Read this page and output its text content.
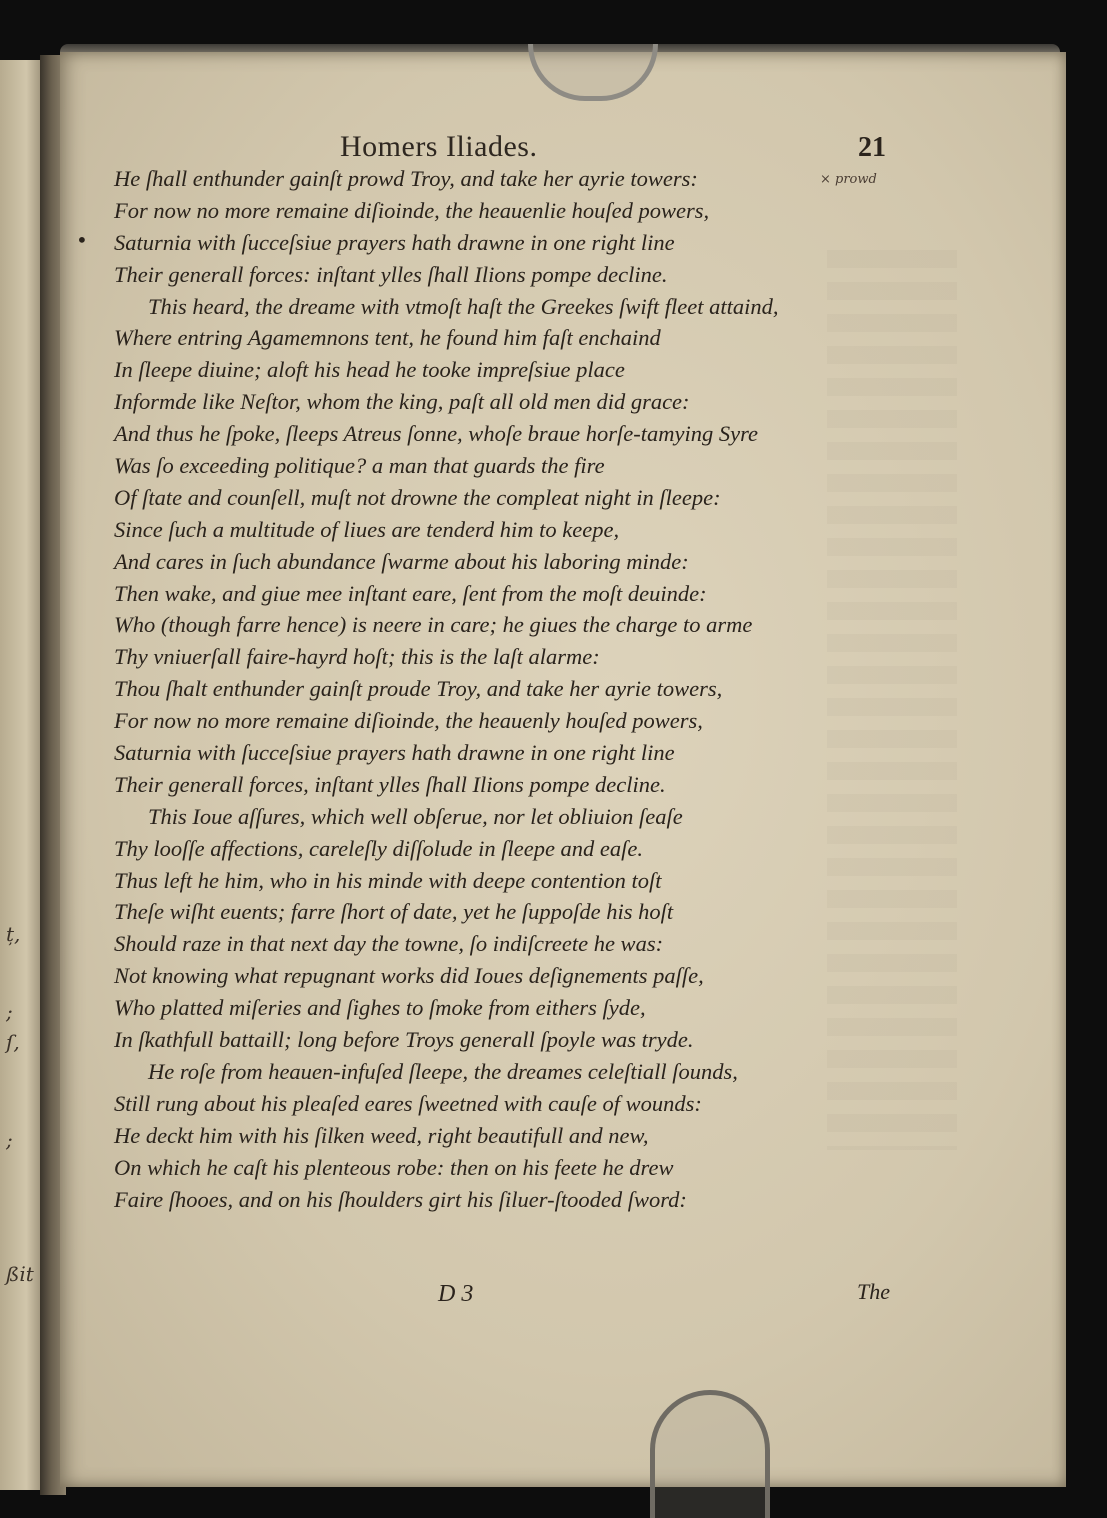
ț,
;
ſ,
;
ßit
Homers Iliades.	21
× prowd
•
He ſhall enthunder gainſt prowd Troy, and take her ayrie towers:
For now no more remaine diſioinde, the heauenlie houſed powers,
Saturnia with ſucceſsiue prayers hath drawne in one right line
Their generall forces: inſtant ylles ſhall Ilions pompe decline.
This heard, the dreame with vtmoſt haſt the Greekes ſwift fleet attaind,
Where entring Agamemnons tent, he found him faſt enchaind
In ſleepe diuine; aloft his head he tooke impreſsiue place
Informde like Neſtor, whom the king, paſt all old men did grace:
And thus he ſpoke, ſleeps Atreus ſonne, whoſe braue horſe-tamying Syre
Was ſo exceeding politique? a man that guards the fire
Of ſtate and counſell, muſt not drowne the compleat night in ſleepe:
Since ſuch a multitude of liues are tenderd him to keepe,
And cares in ſuch abundance ſwarme about his laboring minde:
Then wake, and giue mee inſtant eare, ſent from the moſt deuinde:
Who (though farre hence) is neere in care; he giues the charge to arme
Thy vniuerſall faire-hayrd hoſt; this is the laſt alarme:
Thou ſhalt enthunder gainſt proude Troy, and take her ayrie towers,
For now no more remaine diſioinde, the heauenly houſed powers,
Saturnia with ſucceſsiue prayers hath drawne in one right line
Their generall forces, inſtant ylles ſhall Ilions pompe decline.
This Ioue aſſures, which well obſerue, nor let obliuion ſeaſe
Thy looſſe affections, careleſly diſſolude in ſleepe and eaſe.
Thus left he him, who in his minde with deepe contention toſt
Theſe wiſht euents; farre ſhort of date, yet he ſuppoſde his hoſt
Should raze in that next day the towne, ſo indiſcreete he was:
Not knowing what repugnant works did Ioues deſignements paſſe,
Who platted miſeries and ſighes to ſmoke from eithers ſyde,
In ſkathfull battaill; long before Troys generall ſpoyle was tryde.
He roſe from heauen-infuſed ſleepe, the dreames celeſtiall ſounds,
Still rung about his pleaſed eares ſweetned with cauſe of wounds:
He deckt him with his ſilken weed, right beautifull and new,
On which he caſt his plenteous robe: then on his feete he drew
Faire ſhooes, and on his ſhoulders girt his ſiluer-ſtooded ſword:
D 3	The
